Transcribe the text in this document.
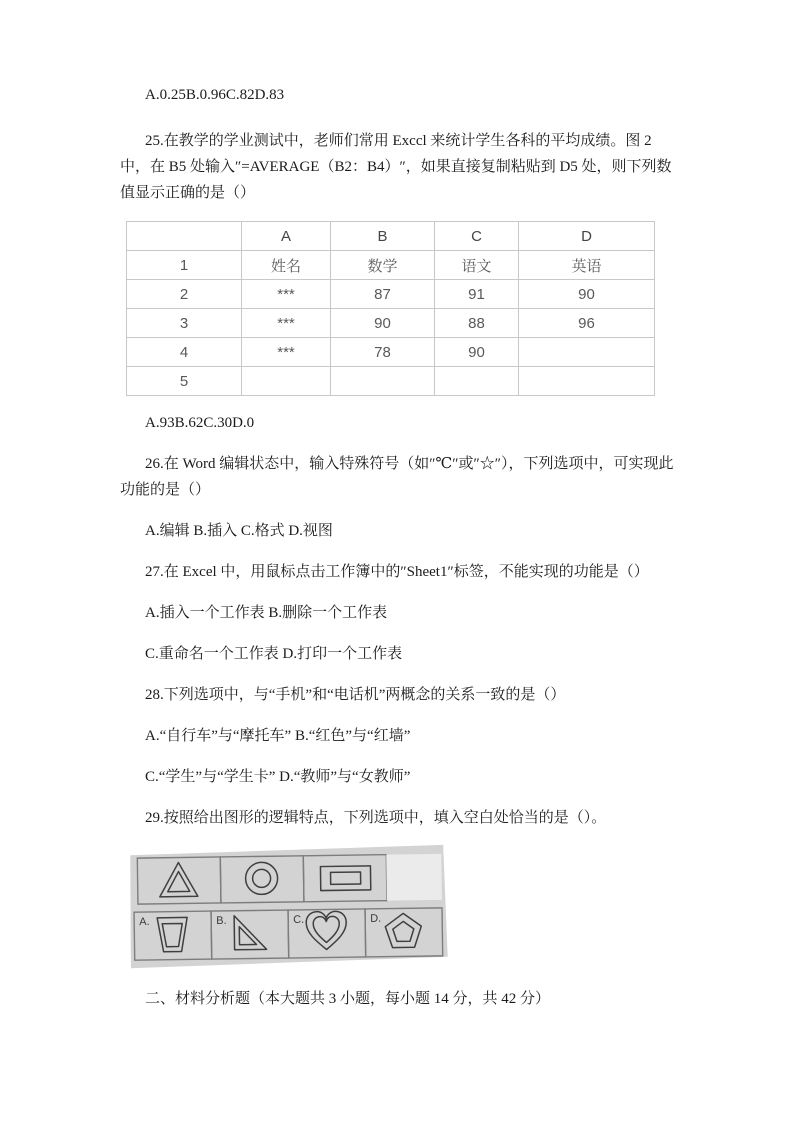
A.0.25B.0.96C.82D.83

25.在教学的学业测试中，老师们常用 Exccl 来统计学生各科的平均成绩。图 2 中，在 B5 处输入″=AVERAGE（B2：B4）″，如果直接复制粘贴到 D5 处，则下列数值显示正确的是（）

	A	B	C	D
1	姓名	数学	语文	英语
2	***	87	91	90
3	***	90	88	96
4	***	78	90	
5				

A.93B.62C.30D.0

26.在 Word 编辑状态中，输入特殊符号（如″℃″或″☆″），下列选项中，可实现此功能的是（）

A.编辑 B.插入 C.格式 D.视图

27.在 Excel 中，用鼠标点击工作簿中的″Sheet1″标签，不能实现的功能是（）

A.插入一个工作表 B.删除一个工作表

C.重命名一个工作表 D.打印一个工作表

28.下列选项中，与“手机”和“电话机”两概念的关系一致的是（）

A.“自行车”与“摩托车” B.“红色”与“红墙”

C.“学生”与“学生卡” D.“教师”与“女教师”

29.按照给出图形的逻辑特点，下列选项中，填入空白处恰当的是（）。

A.	B.	C.	D.

二、材料分析题（本大题共 3 小题，每小题 14 分，共 42 分）
